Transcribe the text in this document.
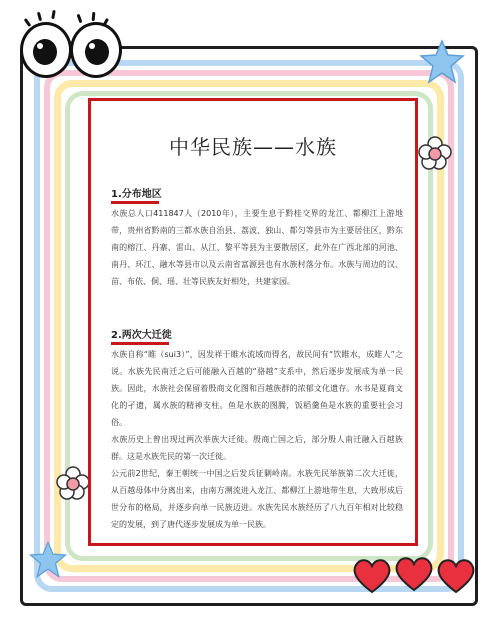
中华民族——水族
1.分布地区
水族总人口411847人（2010年），主要生息于黔桂交界的龙江、都柳江上游地带，贵州省黔南的三都水族自治县、荔波、独山、都匀等县市为主要居住区，黔东南的榕江、丹寨、雷山、从江、黎平等县为主要散居区，此外在广西北部的河池、南丹、环江、融水等县市以及云南省富源县也有水族村落分布。水族与周边的汉、苗、布依、侗、瑶、壮等民族友好相处，共建家园。
2.两次大迁徙
水族自称“睢（sui3）”，因发祥于睢水流域而得名，故民间有“饮睢水，成睢人”之说。水族先民南迁之后可能融入百越的“骆越”支系中，然后逐步发展成为单一民族。因此，水族社会保留着殷商文化图和百越族群的浓郁文化遗存。水书是夏商文化的孑遗，属水族的精神支柱。鱼是水族的图腾，饭稻羹鱼是水族的重要社会习俗。
水族历史上曾出现过两次举族大迁徙。殷商亡国之后，部分殷人南迁融入百越族群。这是水族先民的第一次迁徙。
公元前2世纪，秦王朝统一中国之后发兵征剿岭南。水族先民举族第二次大迁徙，从百越母体中分离出来，由南方溯流进入龙江、都柳江上游地带生息，大致形成后世分布的格局，并逐步向单一民族迈进。水族先民水族经历了八九百年相对比较稳定的发展，到了唐代逐步发展成为单一民族。
